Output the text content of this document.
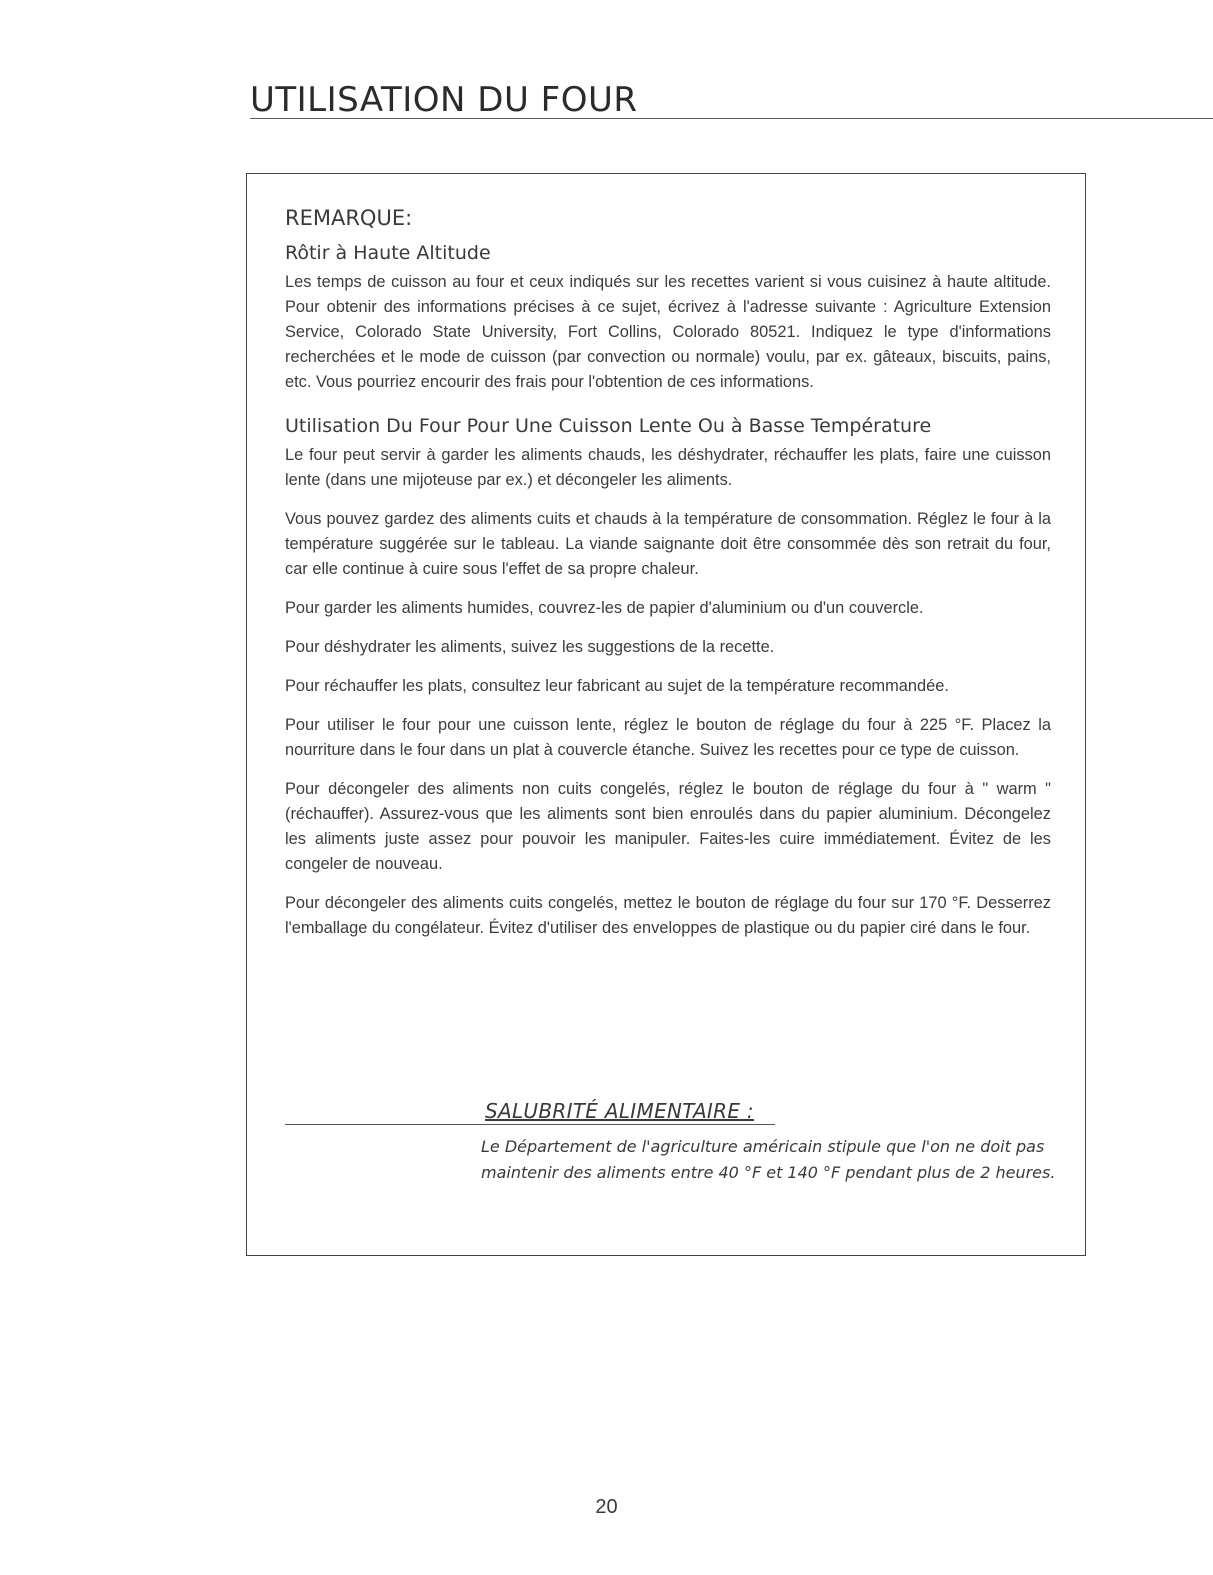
UTILISATION DU FOUR
REMARQUE:
Rôtir à Haute Altitude

Les temps de cuisson au four et ceux indiqués sur les recettes varient si vous cuisinez à haute altitude. Pour obtenir des informations précises à ce sujet, écrivez à l'adresse suivante : Agriculture Extension Service, Colorado State University, Fort Collins, Colorado 80521. Indiquez le type d'informations recherchées et le mode de cuisson (par convection ou normale) voulu, par ex. gâteaux, biscuits, pains, etc. Vous pourriez encourir des frais pour l'obtention de ces informations.

Utilisation Du Four Pour Une Cuisson Lente Ou à Basse Température

Le four peut servir à garder les aliments chauds, les déshydrater, réchauffer les plats, faire une cuisson lente (dans une mijoteuse par ex.) et décongeler les aliments.

Vous pouvez gardez des aliments cuits et chauds à la température de consommation. Réglez le four à la température suggérée sur le tableau. La viande saignante doit être consommée dès son retrait du four, car elle continue à cuire sous l'effet de sa propre chaleur.

Pour garder les aliments humides, couvrez-les de papier d'aluminium ou d'un couvercle.

Pour déshydrater les aliments, suivez les suggestions de la recette.

Pour réchauffer les plats, consultez leur fabricant au sujet de la température recommandée.

Pour utiliser le four pour une cuisson lente, réglez le bouton de réglage du four à 225 °F. Placez la nourriture dans le four dans un plat à couvercle étanche. Suivez les recettes pour ce type de cuisson.

Pour décongeler des aliments non cuits congelés, réglez le bouton de réglage du four à " warm " (réchauffer). Assurez-vous que les aliments sont bien enroulés dans du papier aluminium. Décongelez les aliments juste assez pour pouvoir les manipuler. Faites-les cuire immédiatement. Évitez de les congeler de nouveau.

Pour décongeler des aliments cuits congelés, mettez le bouton de réglage du four sur 170 °F. Desserrez l'emballage du congélateur. Évitez d'utiliser des enveloppes de plastique ou du papier ciré dans le four.

SALUBRITÉ ALIMENTAIRE :
Le Département de l'agriculture américain stipule que l'on ne doit pas maintenir des aliments entre 40 °F et 140 °F pendant plus de 2 heures.
20
